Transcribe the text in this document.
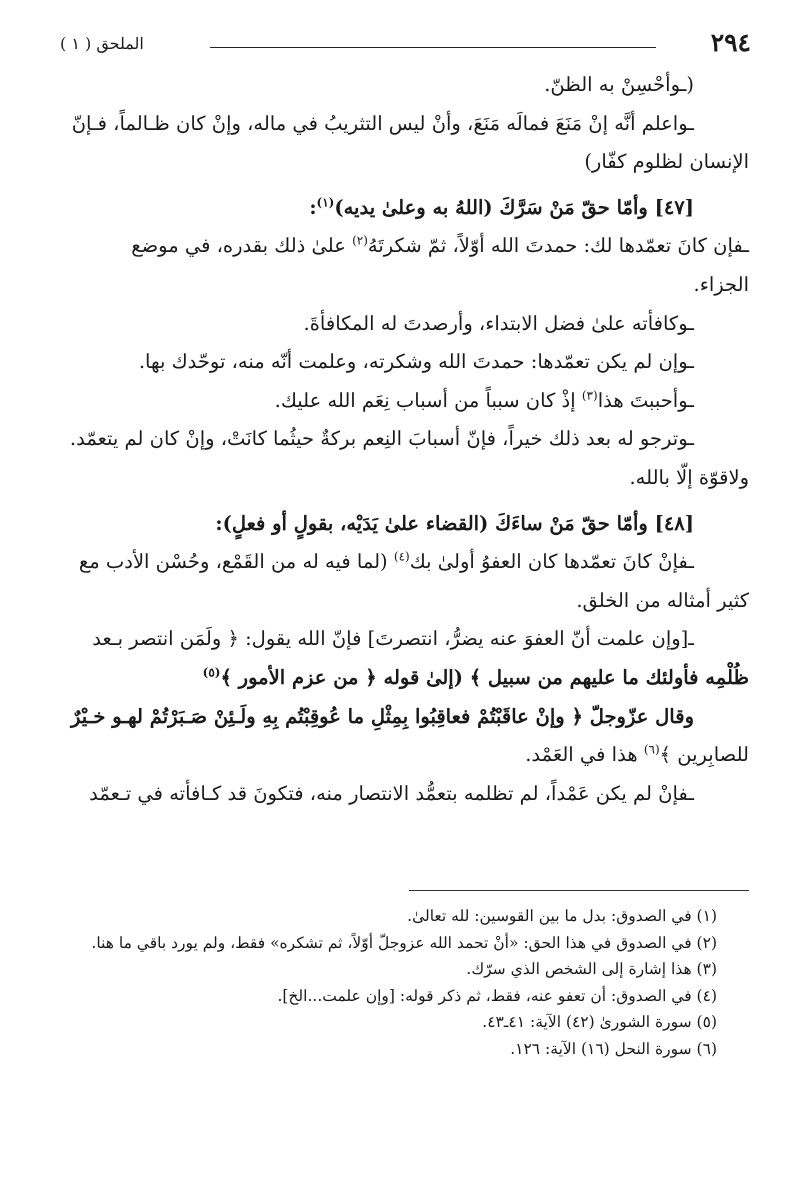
٢٩٤
الملحق ( ١ )

(ـوأحْسِنْ به الظنّ.

ـواعلم أنَّه إنْ مَنَعَ فمالَه مَنَعَ، وأنْ ليس التثريبُ في ماله، وإنْ كان ظـالماً، فـإنّ

الإنسان لظلوم كفّار)

[٤٧] وأمّا حقّ مَنْ سَرَّكَ (اللهُ به وعلىٰ يديه)$^{(١)}$:

ـفإن كانَ تعمّدها لك: حمدتَ الله أوّلاً، ثمّ شكرتَهُ$^{(٢)}$ علىٰ ذلك بقدره، في موضع

الجزاء.

ـوكافأته علىٰ فضل الابتداء، وأرصدتَ له المكافأةَ.

ـوإن لم يكن تعمّدها: حمدتَ الله وشكرته، وعلمت أنّه منه، توحّدك بها.

ـوأحببتَ هذا$^{(٣)}$ إذْ كان سبباً من أسباب نِعَم الله عليك.

ـوترجو له بعد ذلك خيراً، فإنّ أسبابَ النِعم بركةٌ حيثُما كانَتْ، وإنْ كان لم يتعمّد.

ولاقوّة إلّا بالله.

[٤٨] وأمّا حقّ مَنْ ساءَكَ (القضاء علىٰ يَدَيْه، بقولٍ أو فعلٍ):

ـفإنْ كانَ تعمّدها كان العفوُ أولىٰ بك$^{(٤)}$ (لما فيه له من القَمْع، وحُسْن الأدب مع

كثير أمثاله من الخلق.

ـ[وإن علمت أنّ العفوَ عنه يضرُّ، انتصرتَ] فإنّ الله يقول: ﴿ ولَمَن انتصر بـعد

ظُلْمِه فأولئك ما عليهم من سبيل ﴾ (إلىٰ قوله ﴿ من عزم الأمور ﴾$^{(٥)}$

وقال عزّوجلّ ﴿ وإنْ عاقَبْتُمْ فعاقِبُوا بِمِثْلِ ما عُوقِبْتُم بِهِ ولَـئِنْ صَـبَرْتُمْ لهـو خـيْرٌ

للصابِرين ﴾$^{(٦)}$ هذا في العَمْد.

ـفإنْ لم يكن عَمْداً، لم تظلمه بتعمُّد الانتصار منه، فتكونَ قد كـافأته في تـعمّد

(١) في الصدوق: بدل ما بين القوسين: لله تعالىٰ.

(٢) في الصدوق في هذا الحق: «أنْ تحمد الله عزوجلّ أوّلاً، ثم تشكره» فقط، ولم يورد باقي ما هنا.

(٣) هذا إشارة إلى الشخص الذي سرّك.

(٤) في الصدوق: أن تعفو عنه، فقط، ثم ذكر قوله: [وإن علمت...الخ].

(٥) سورة الشورىٰ (٤٢) الآية: ٤١ـ٤٣.

(٦) سورة النحل (١٦) الآية: ١٢٦.
